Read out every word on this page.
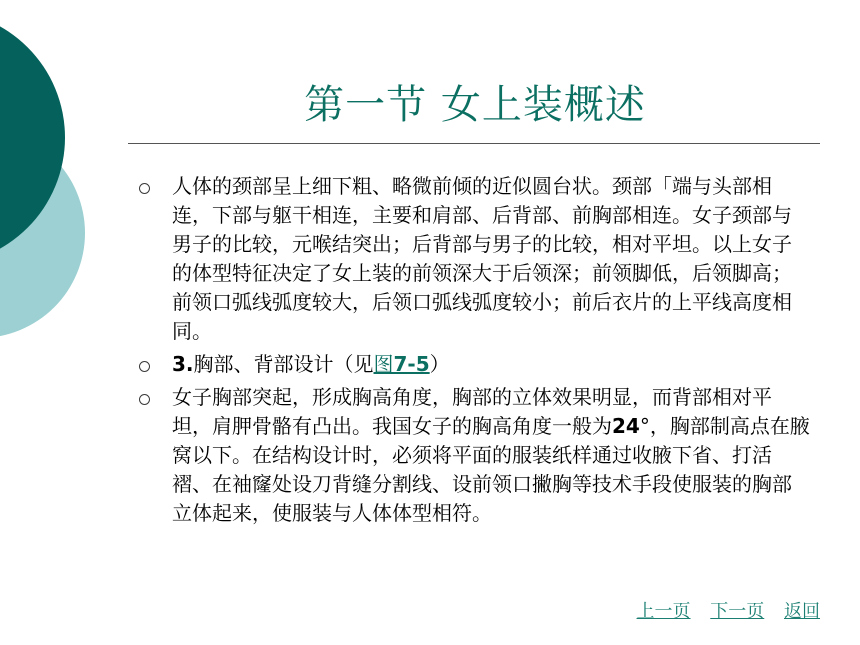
第一节 女上装概述
人体的颈部呈上细下粗、略微前倾的近似圆台状。颈部「端与头部相连，下部与躯干相连，主要和肩部、后背部、前胸部相连。女子颈部与男子的比较，元喉结突出；后背部与男子的比较，相对平坦。以上女子的体型特征决定了女上装的前领深大于后领深；前领脚低，后领脚高；前领口弧线弧度较大，后领口弧线弧度较小；前后衣片的上平线高度相同。
3.胸部、背部设计（见图7-5）
女子胸部突起，形成胸高角度，胸部的立体效果明显，而背部相对平坦，肩胛骨骼有凸出。我国女子的胸高角度一般为24°，胸部制高点在腋窝以下。在结构设计时，必须将平面的服装纸样通过收腋下省、打活褶、在袖窿处设刀背缝分割线、设前领口撇胸等技术手段使服装的胸部立体起来，使服装与人体体型相符。
上一页 下一页 返回
